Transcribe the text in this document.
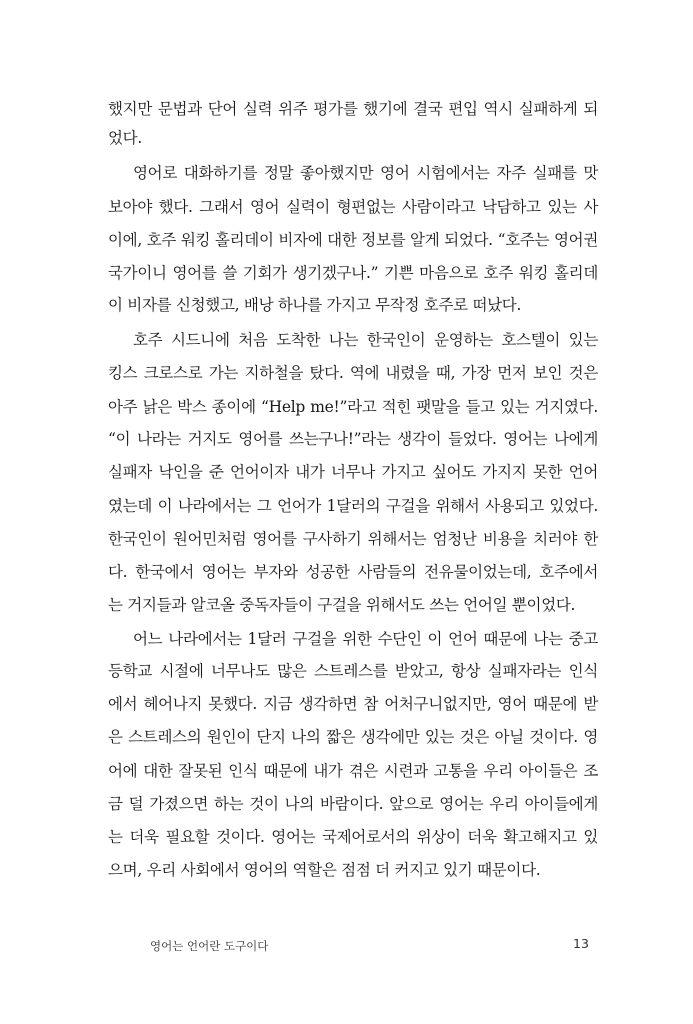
했지만 문법과 단어 실력 위주 평가를 했기에 결국 편입 역시 실패하게 되
었다.
영어로 대화하기를 정말 좋아했지만 영어 시험에서는 자주 실패를 맛
보아야 했다. 그래서 영어 실력이 형편없는 사람이라고 낙담하고 있는 사
이에, 호주 워킹 홀리데이 비자에 대한 정보를 알게 되었다. “호주는 영어권
국가이니 영어를 쓸 기회가 생기겠구나.” 기쁜 마음으로 호주 워킹 홀리데
이 비자를 신청했고, 배낭 하나를 가지고 무작정 호주로 떠났다.
호주 시드니에 처음 도착한 나는 한국인이 운영하는 호스텔이 있는
킹스 크로스로 가는 지하철을 탔다. 역에 내렸을 때, 가장 먼저 보인 것은
아주 낡은 박스 종이에 “Help me!”라고 적힌 팻말을 들고 있는 거지였다.
“이 나라는 거지도 영어를 쓰는구나!”라는 생각이 들었다. 영어는 나에게
실패자 낙인을 준 언어이자 내가 너무나 가지고 싶어도 가지지 못한 언어
였는데 이 나라에서는 그 언어가 1달러의 구걸을 위해서 사용되고 있었다.
한국인이 원어민처럼 영어를 구사하기 위해서는 엄청난 비용을 치러야 한
다. 한국에서 영어는 부자와 성공한 사람들의 전유물이었는데, 호주에서
는 거지들과 알코올 중독자들이 구걸을 위해서도 쓰는 언어일 뿐이었다.
어느 나라에서는 1달러 구걸을 위한 수단인 이 언어 때문에 나는 중고
등학교 시절에 너무나도 많은 스트레스를 받았고, 항상 실패자라는 인식
에서 헤어나지 못했다. 지금 생각하면 참 어처구니없지만, 영어 때문에 받
은 스트레스의 원인이 단지 나의 짧은 생각에만 있는 것은 아닐 것이다. 영
어에 대한 잘못된 인식 때문에 내가 겪은 시련과 고통을 우리 아이들은 조
금 덜 가졌으면 하는 것이 나의 바람이다. 앞으로 영어는 우리 아이들에게
는 더욱 필요할 것이다. 영어는 국제어로서의 위상이 더욱 확고해지고 있
으며, 우리 사회에서 영어의 역할은 점점 더 커지고 있기 때문이다.
영어는 언어란 도구이다	13
